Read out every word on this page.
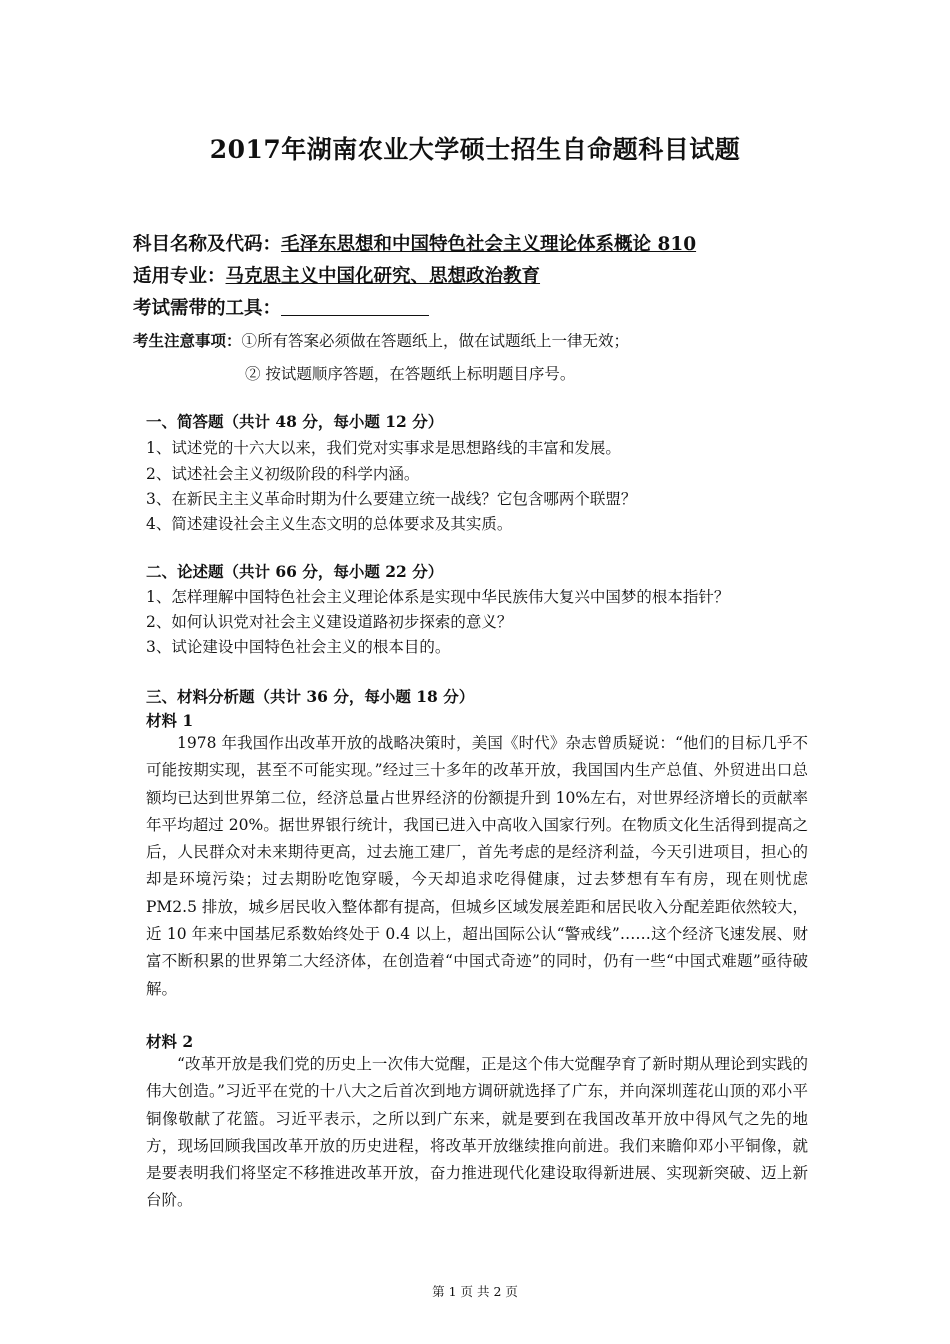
2017年湖南农业大学硕士招生自命题科目试题
科目名称及代码：毛泽东思想和中国特色社会主义理论体系概论 810
适用专业：马克思主义中国化研究、思想政治教育
考试需带的工具：
考生注意事项：①所有答案必须做在答题纸上，做在试题纸上一律无效；
② 按试题顺序答题，在答题纸上标明题目序号。
一、简答题（共计 48 分，每小题 12 分）
1、试述党的十六大以来，我们党对实事求是思想路线的丰富和发展。
2、试述社会主义初级阶段的科学内涵。
3、在新民主主义革命时期为什么要建立统一战线？它包含哪两个联盟？
4、简述建设社会主义生态文明的总体要求及其实质。
二、论述题（共计 66 分，每小题 22 分）
1、怎样理解中国特色社会主义理论体系是实现中华民族伟大复兴中国梦的根本指针？
2、如何认识党对社会主义建设道路初步探索的意义？
3、试论建设中国特色社会主义的根本目的。
三、材料分析题（共计 36 分，每小题 18 分）
材料 1

1978 年我国作出改革开放的战略决策时，美国《时代》杂志曾质疑说：“他们的目标几乎不可能按期实现，甚至不可能实现。”经过三十多年的改革开放，我国国内生产总值、外贸进出口总额均已达到世界第二位，经济总量占世界经济的份额提升到 10%左右，对世界经济增长的贡献率年平均超过 20%。据世界银行统计，我国已进入中高收入国家行列。在物质文化生活得到提高之后，人民群众对未来期待更高，过去施工建厂，首先考虑的是经济利益，今天引进项目，担心的却是环境污染；过去期盼吃饱穿暖，今天却追求吃得健康，过去梦想有车有房，现在则忧虑 PM2.5 排放，城乡居民收入整体都有提高，但城乡区域发展差距和居民收入分配差距依然较大，近 10 年来中国基尼系数始终处于 0.4 以上，超出国际公认“警戒线”……这个经济飞速发展、财富不断积累的世界第二大经济体，在创造着“中国式奇迹”的同时，仍有一些“中国式难题”亟待破解。

材料 2

“改革开放是我们党的历史上一次伟大觉醒，正是这个伟大觉醒孕育了新时期从理论到实践的伟大创造。”习近平在党的十八大之后首次到地方调研就选择了广东，并向深圳莲花山顶的邓小平铜像敬献了花篮。习近平表示，之所以到广东来，就是要到在我国改革开放中得风气之先的地方，现场回顾我国改革开放的历史进程，将改革开放继续推向前进。我们来瞻仰邓小平铜像，就是要表明我们将坚定不移推进改革开放，奋力推进现代化建设取得新进展、实现新突破、迈上新台阶。

第 1 页 共 2 页
